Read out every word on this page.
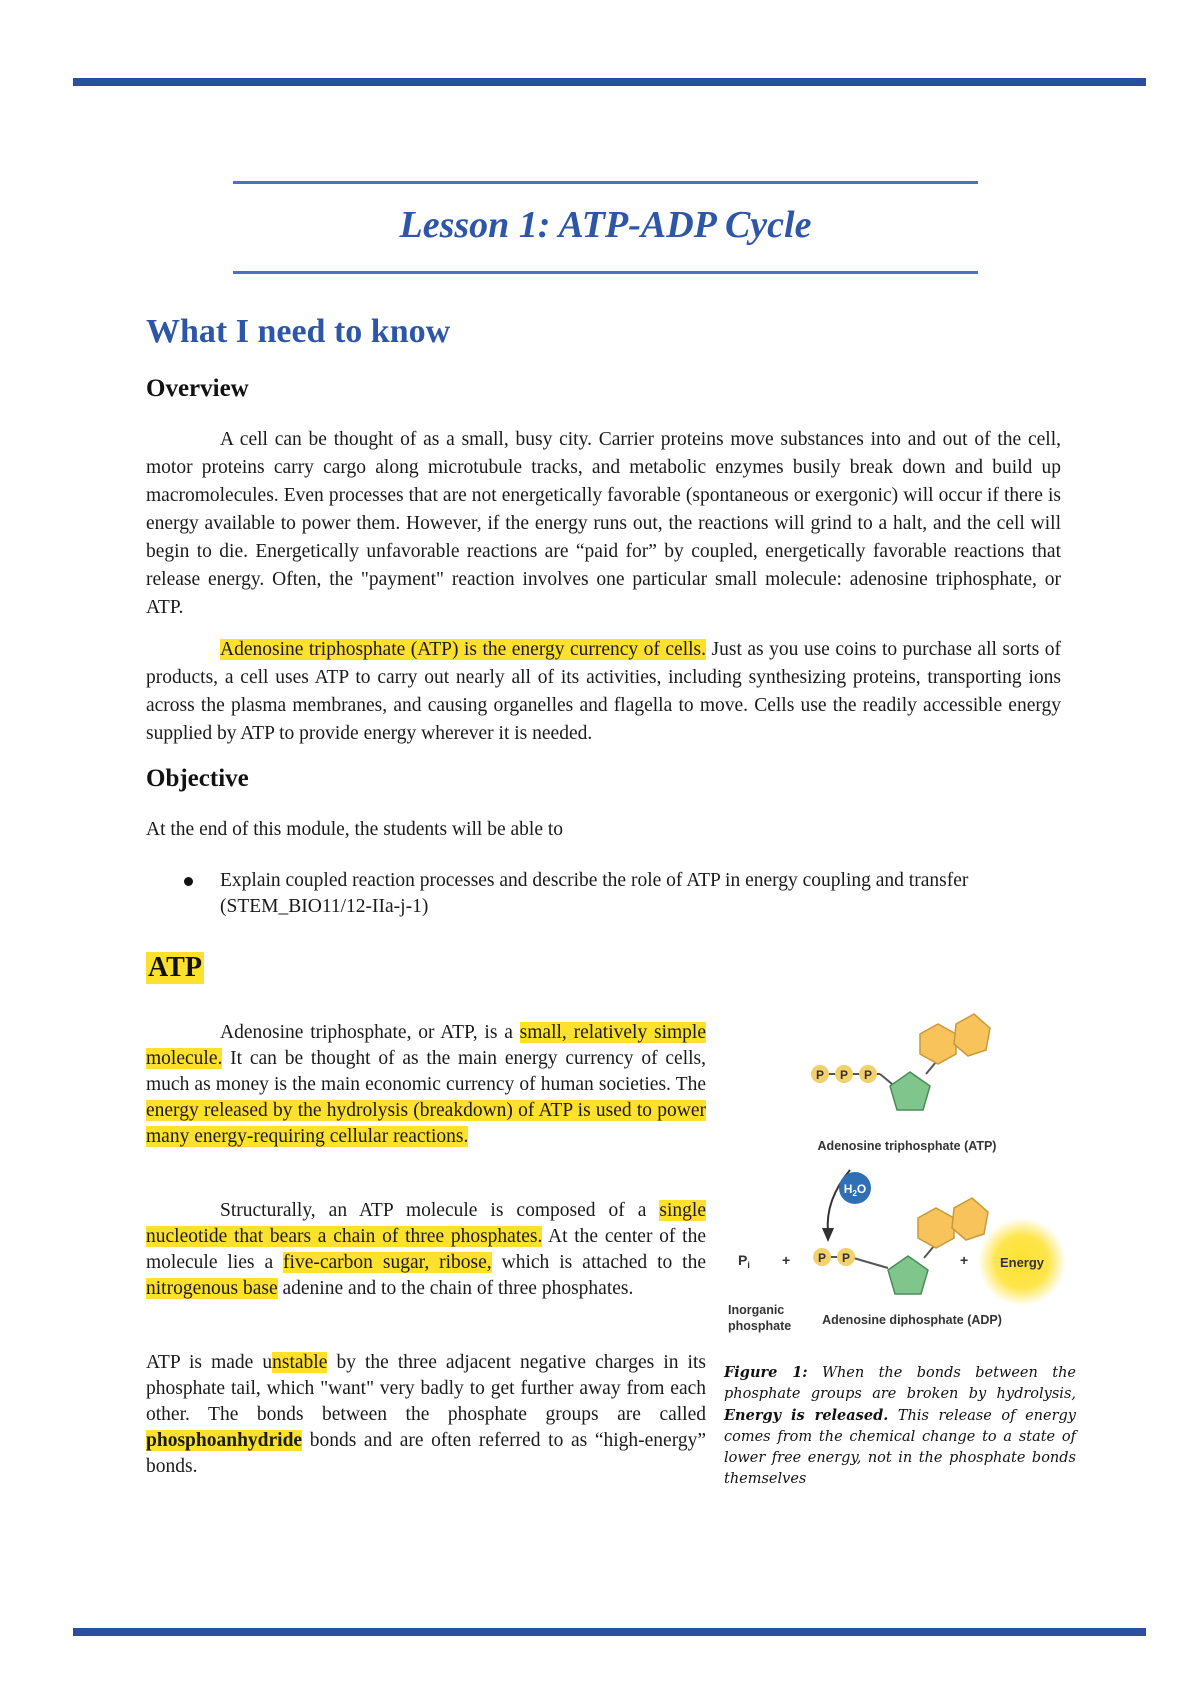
Lesson 1: ATP-ADP Cycle
What I need to know
Overview

A cell can be thought of as a small, busy city. Carrier proteins move substances into and out of the cell, motor proteins carry cargo along microtubule tracks, and metabolic enzymes busily break down and build up macromolecules. Even processes that are not energetically favorable (spontaneous or exergonic) will occur if there is energy available to power them. However, if the energy runs out, the reactions will grind to a halt, and the cell will begin to die. Energetically unfavorable reactions are “paid for” by coupled, energetically favorable reactions that release energy. Often, the "payment" reaction involves one particular small molecule: adenosine triphosphate, or ATP.

Adenosine triphosphate (ATP) is the energy currency of cells. Just as you use coins to purchase all sorts of products, a cell uses ATP to carry out nearly all of its activities, including synthesizing proteins, transporting ions across the plasma membranes, and causing organelles and flagella to move. Cells use the readily accessible energy supplied by ATP to provide energy wherever it is needed.

Objective

At the end of this module, the students will be able to

Explain coupled reaction processes and describe the role of ATP in energy coupling and transfer (STEM_BIO11/12-IIa-j-1)
ATP

Adenosine triphosphate, or ATP, is a small, relatively simple molecule. It can be thought of as the main energy currency of cells, much as money is the main economic currency of human societies. The energy released by the hydrolysis (breakdown) of ATP is used to power many energy-requiring cellular reactions.

Structurally, an ATP molecule is composed of a single nucleotide that bears a chain of three phosphates. At the center of the molecule lies a five-carbon sugar, ribose, which is attached to the nitrogenous base adenine and to the chain of three phosphates.

ATP is made unstable by the three adjacent negative charges in its phosphate tail, which "want" very badly to get further away from each other. The bonds between the phosphate groups are called phosphoanhydride bonds and are often referred to as “high-energy” bonds.

P P P
Adenosine triphosphate (ATP)
$H_2O$
P P
Adenosine diphosphate (ADP)
$P_i$ +
Inorganic
phosphate
+ Energy

Figure 1: When the bonds between the phosphate groups are broken by hydrolysis, Energy is released. This release of energy comes from the chemical change to a state of lower free energy, not in the phosphate bonds themselves
